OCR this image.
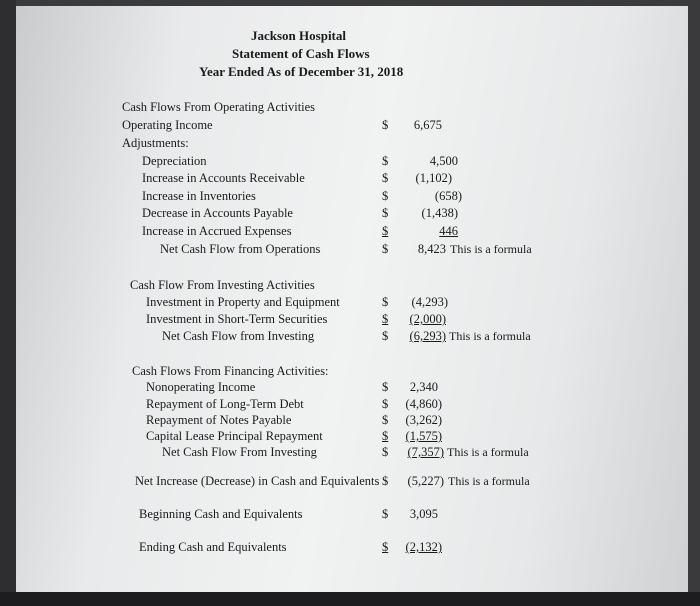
Jackson Hospital
Statement of Cash Flows
Year Ended As of December 31, 2018
Cash Flows From Operating Activities
Operating Income	$	6,675
Adjustments:
Depreciation	$	4,500
Increase in Accounts Receivable	$	(1,102)
Increase in Inventories	$	(658)
Decrease in Accounts Payable	$	(1,438)
Increase in Accrued Expenses	$	446
Net Cash Flow from Operations	$	8,423 This is a formula
Cash Flow From Investing Activities
Investment in Property and Equipment	$	(4,293)
Investment in Short-Term Securities	$	(2,000)
Net Cash Flow from Investing	$	(6,293) This is a formula
Cash Flows From Financing Activities:
Nonoperating Income	$	2,340
Repayment of Long-Term Debt	$	(4,860)
Repayment of Notes Payable	$	(3,262)
Capital Lease Principal Repayment	$	(1,575)
Net Cash Flow From Investing	$	(7,357) This is a formula
Net Increase (Decrease) in Cash and Equivalents $	(5,227) This is a formula
Beginning Cash and Equivalents	$	3,095
Ending Cash and Equivalents	$	(2,132)
